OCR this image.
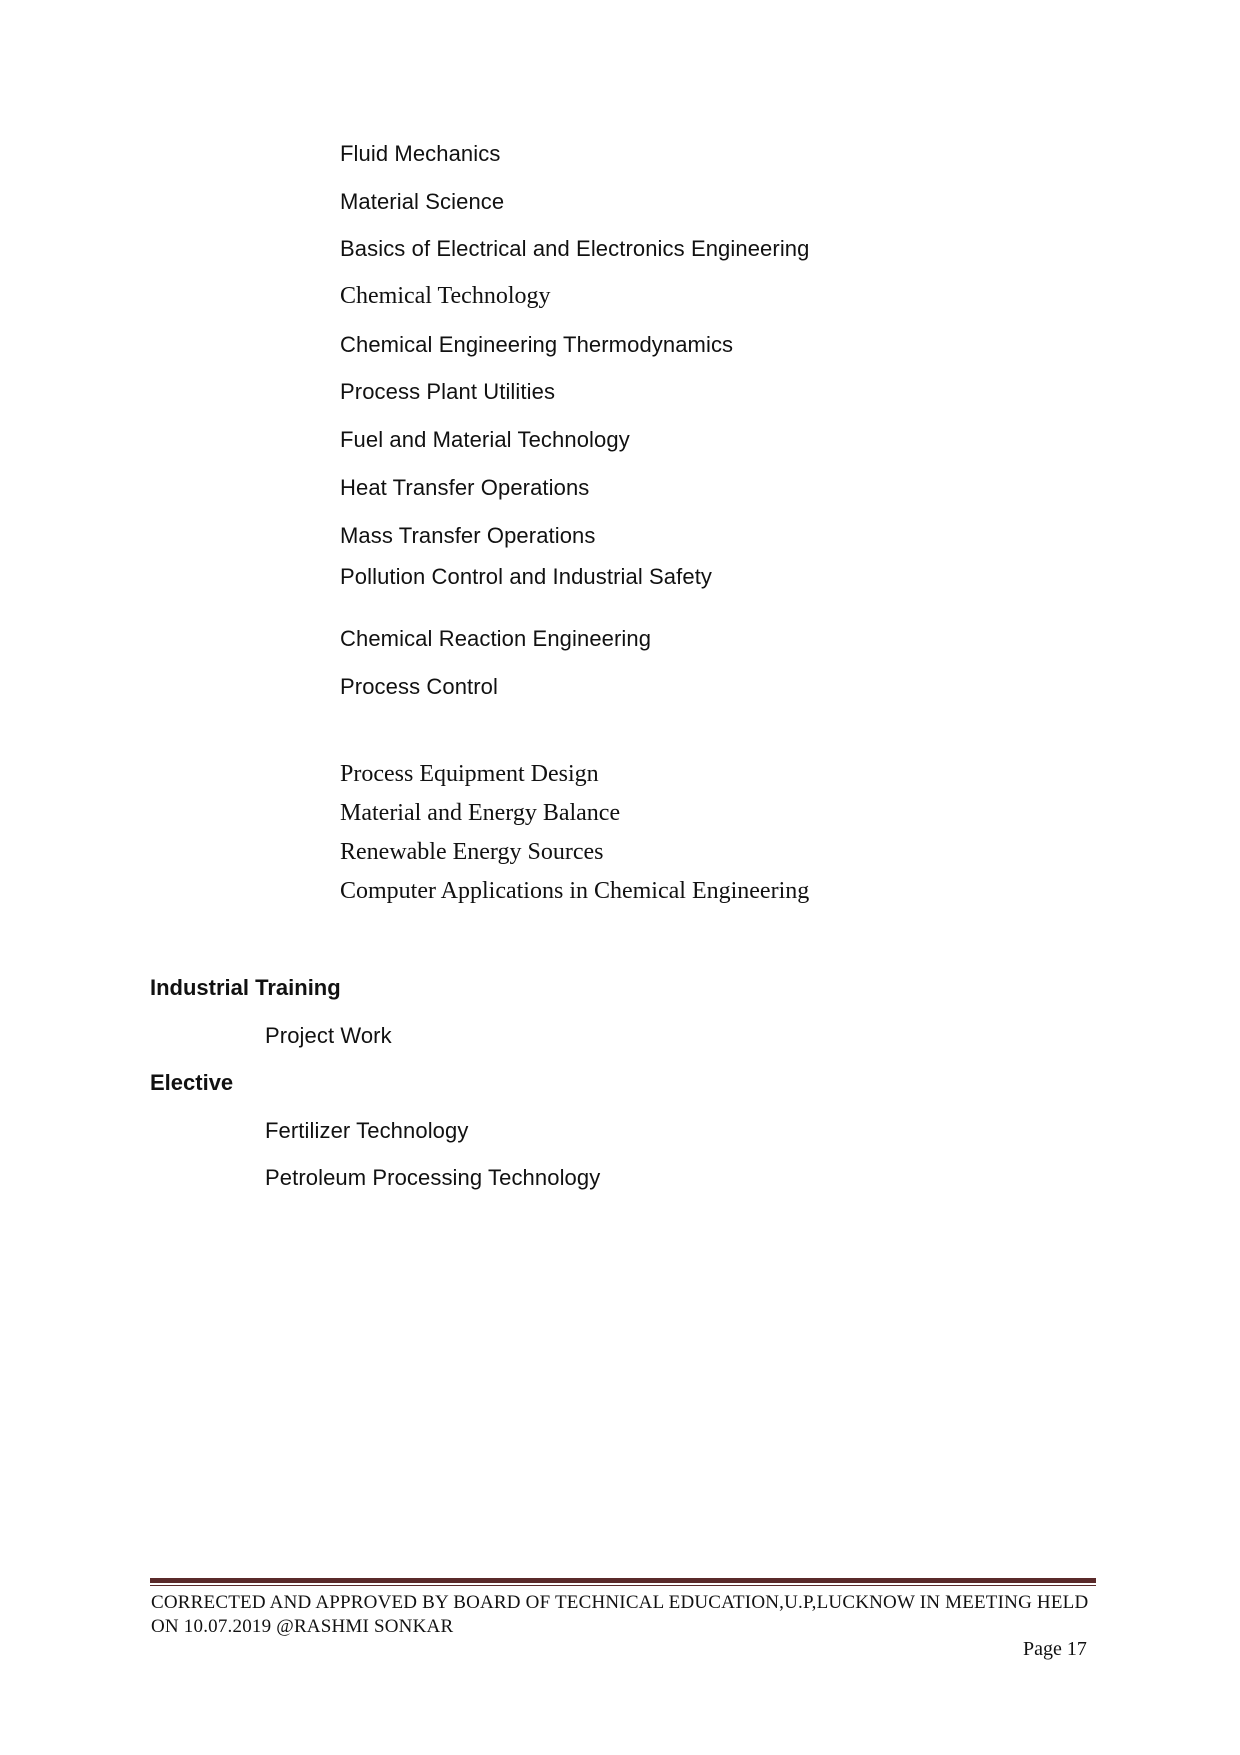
Fluid Mechanics
Material Science
Basics of Electrical and Electronics Engineering
Chemical Technology
Chemical Engineering Thermodynamics
Process Plant Utilities
Fuel and Material Technology
Heat Transfer Operations
Mass Transfer Operations
Pollution Control and Industrial Safety
Chemical Reaction Engineering
Process Control
Process Equipment Design
Material and Energy Balance
Renewable Energy Sources
Computer Applications in Chemical Engineering
Industrial Training
Project Work
Elective
Fertilizer Technology
Petroleum Processing Technology
CORRECTED AND APPROVED BY BOARD OF TECHNICAL EDUCATION,U.P,LUCKNOW IN MEETING HELD ON 10.07.2019 @RASHMI SONKAR
Page 17
